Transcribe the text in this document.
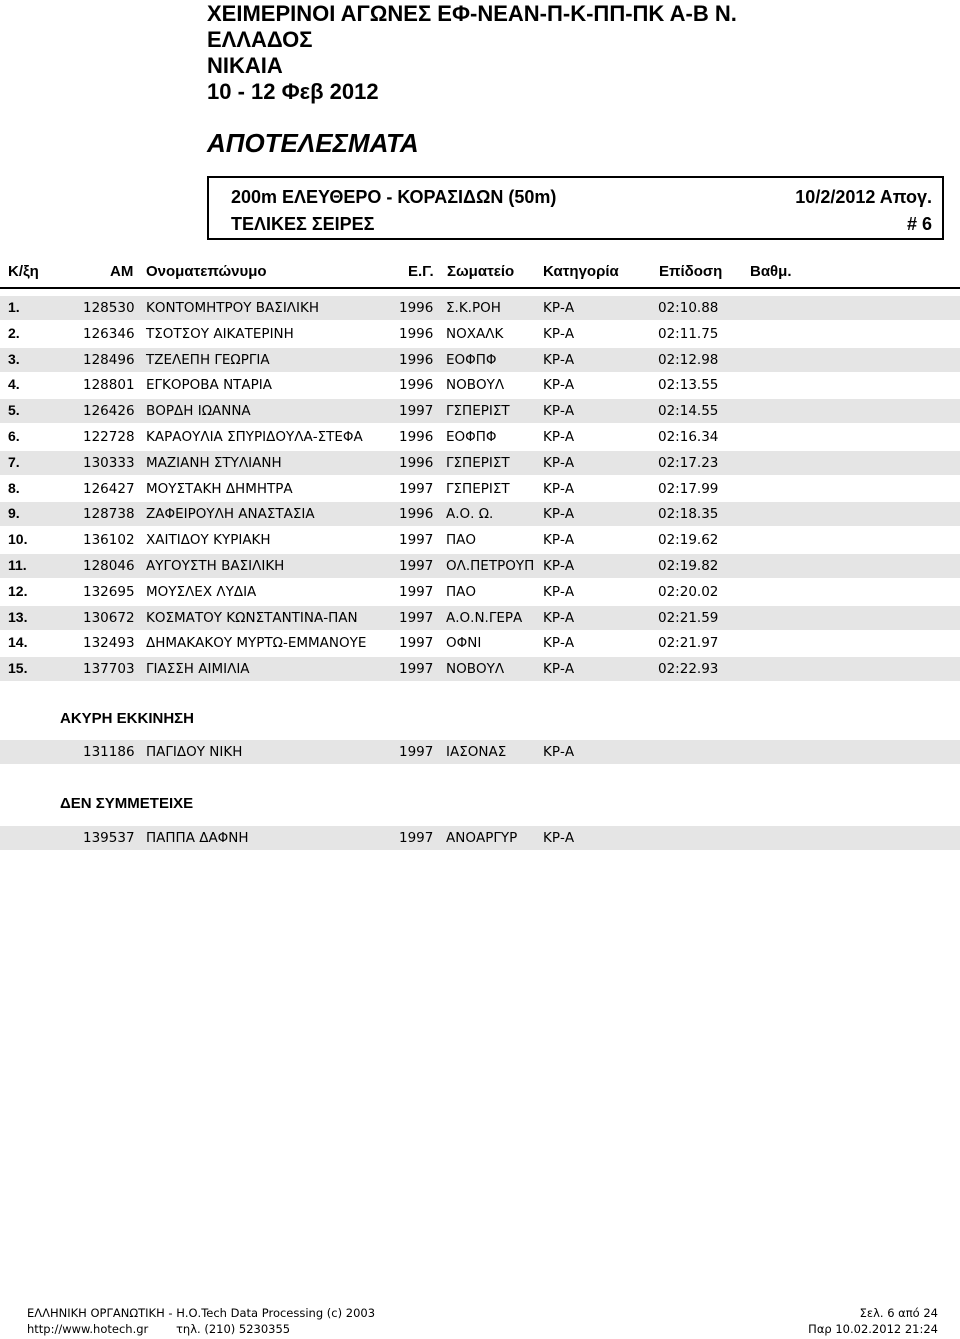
ΧΕΙΜΕΡΙΝΟΙ ΑΓΩΝΕΣ ΕΦ-ΝΕΑΝ-Π-Κ-ΠΠ-ΠΚ Α-Β Ν.
ΕΛΛΑΔΟΣ
ΝΙΚΑΙΑ
10 - 12 Φεβ 2012
ΑΠΟΤΕΛΕΣΜΑΤΑ
200m ΕΛΕΥΘΕΡΟ - ΚΟΡΑΣΙΔΩΝ (50m)	10/2/2012 Απογ.
ΤΕΛΙΚΕΣ ΣΕΙΡΕΣ	# 6
Κ/ξη	ΑΜ Ονοματεπώνυμο	Ε.Γ. Σωματείο Κατηγορία	Επίδοση Βαθμ.
1.	128530 ΚΟΝΤΟΜΗΤΡΟΥ ΒΑΣΙΛΙΚΗ	1996 Σ.Κ.ΡΟΗ	ΚΡ-Α	02:10.88
2.	126346 ΤΣΟΤΣΟΥ ΑΙΚΑΤΕΡΙΝΗ	1996 ΝΟΧΑΛΚ	ΚΡ-Α	02:11.75
3.	128496 ΤΖΕΛΕΠΗ ΓΕΩΡΓΙΑ	1996 ΕΟΦΠΦ	ΚΡ-Α	02:12.98
4.	128801 ΕΓΚΟΡΟΒΑ ΝΤΑΡΙΑ	1996 ΝΟΒΟΥΛ	ΚΡ-Α	02:13.55
5.	126426 ΒΟΡΔΗ ΙΩΑΝΝΑ	1997 ΓΣΠΕΡΙΣΤ ΚΡ-Α	02:14.55
6.	122728 ΚΑΡΑΟΥΛΙΑ ΣΠΥΡΙΔΟΥΛΑ-ΣΤΕΦΑ	1996 ΕΟΦΠΦ	ΚΡ-Α	02:16.34
7.	130333 ΜΑΖΙΑΝΗ ΣΤΥΛΙΑΝΗ	1996 ΓΣΠΕΡΙΣΤ ΚΡ-Α	02:17.23
8.	126427 ΜΟΥΣΤΑΚΗ ΔΗΜΗΤΡΑ	1997 ΓΣΠΕΡΙΣΤ ΚΡ-Α	02:17.99
9.	128738 ΖΑΦΕΙΡΟΥΛΗ ΑΝΑΣΤΑΣΙΑ	1996 Α.Ο. Ω.	ΚΡ-Α	02:18.35
10.	136102 ΧΑΙΤΙΔΟΥ ΚΥΡΙΑΚΗ	1997 ΠΑΟ	ΚΡ-Α	02:19.62
11.	128046 ΑΥΓΟΥΣΤΗ ΒΑΣΙΛΙΚΗ	1997 ΟΛ.ΠΕΤΡΟΥΠ ΚΡ-Α	02:19.82
12.	132695 ΜΟΥΣΛΕΧ ΛΥΔΙΑ	1997 ΠΑΟ	ΚΡ-Α	02:20.02
13.	130672 ΚΟΣΜΑΤΟΥ ΚΩΝΣΤΑΝΤΙΝΑ-ΠΑΝ	1997 Α.Ο.Ν.ΓΕΡΑ ΚΡ-Α	02:21.59
14.	132493 ΔΗΜΑΚΑΚΟΥ ΜΥΡΤΩ-ΕΜΜΑΝΟΥΕ 1997 ΟΦΝΙ	ΚΡ-Α	02:21.97
15.	137703 ΓΙΑΣΣΗ ΑΙΜΙΛΙΑ	1997 ΝΟΒΟΥΛ	ΚΡ-Α	02:22.93
ΑΚΥΡΗ ΕΚΚΙΝΗΣΗ
131186 ΠΑΓΙΔΟΥ ΝΙΚΗ	1997 ΙΑΣΟΝΑΣ	ΚΡ-Α
ΔΕΝ ΣΥΜΜΕΤΕΙΧΕ
139537 ΠΑΠΠΑ ΔΑΦΝΗ	1997 ΑΝΟΑΡΓΥΡ ΚΡ-Α
ΕΛΛΗΝΙΚΗ ΟΡΓΑΝΩΤΙΚΗ - Η.Ο.Tech Data Processing (c) 2003
http://www.hotech.gr τηλ. (210) 5230355
Σελ. 6 από 24
Παρ 10.02.2012 21:24
